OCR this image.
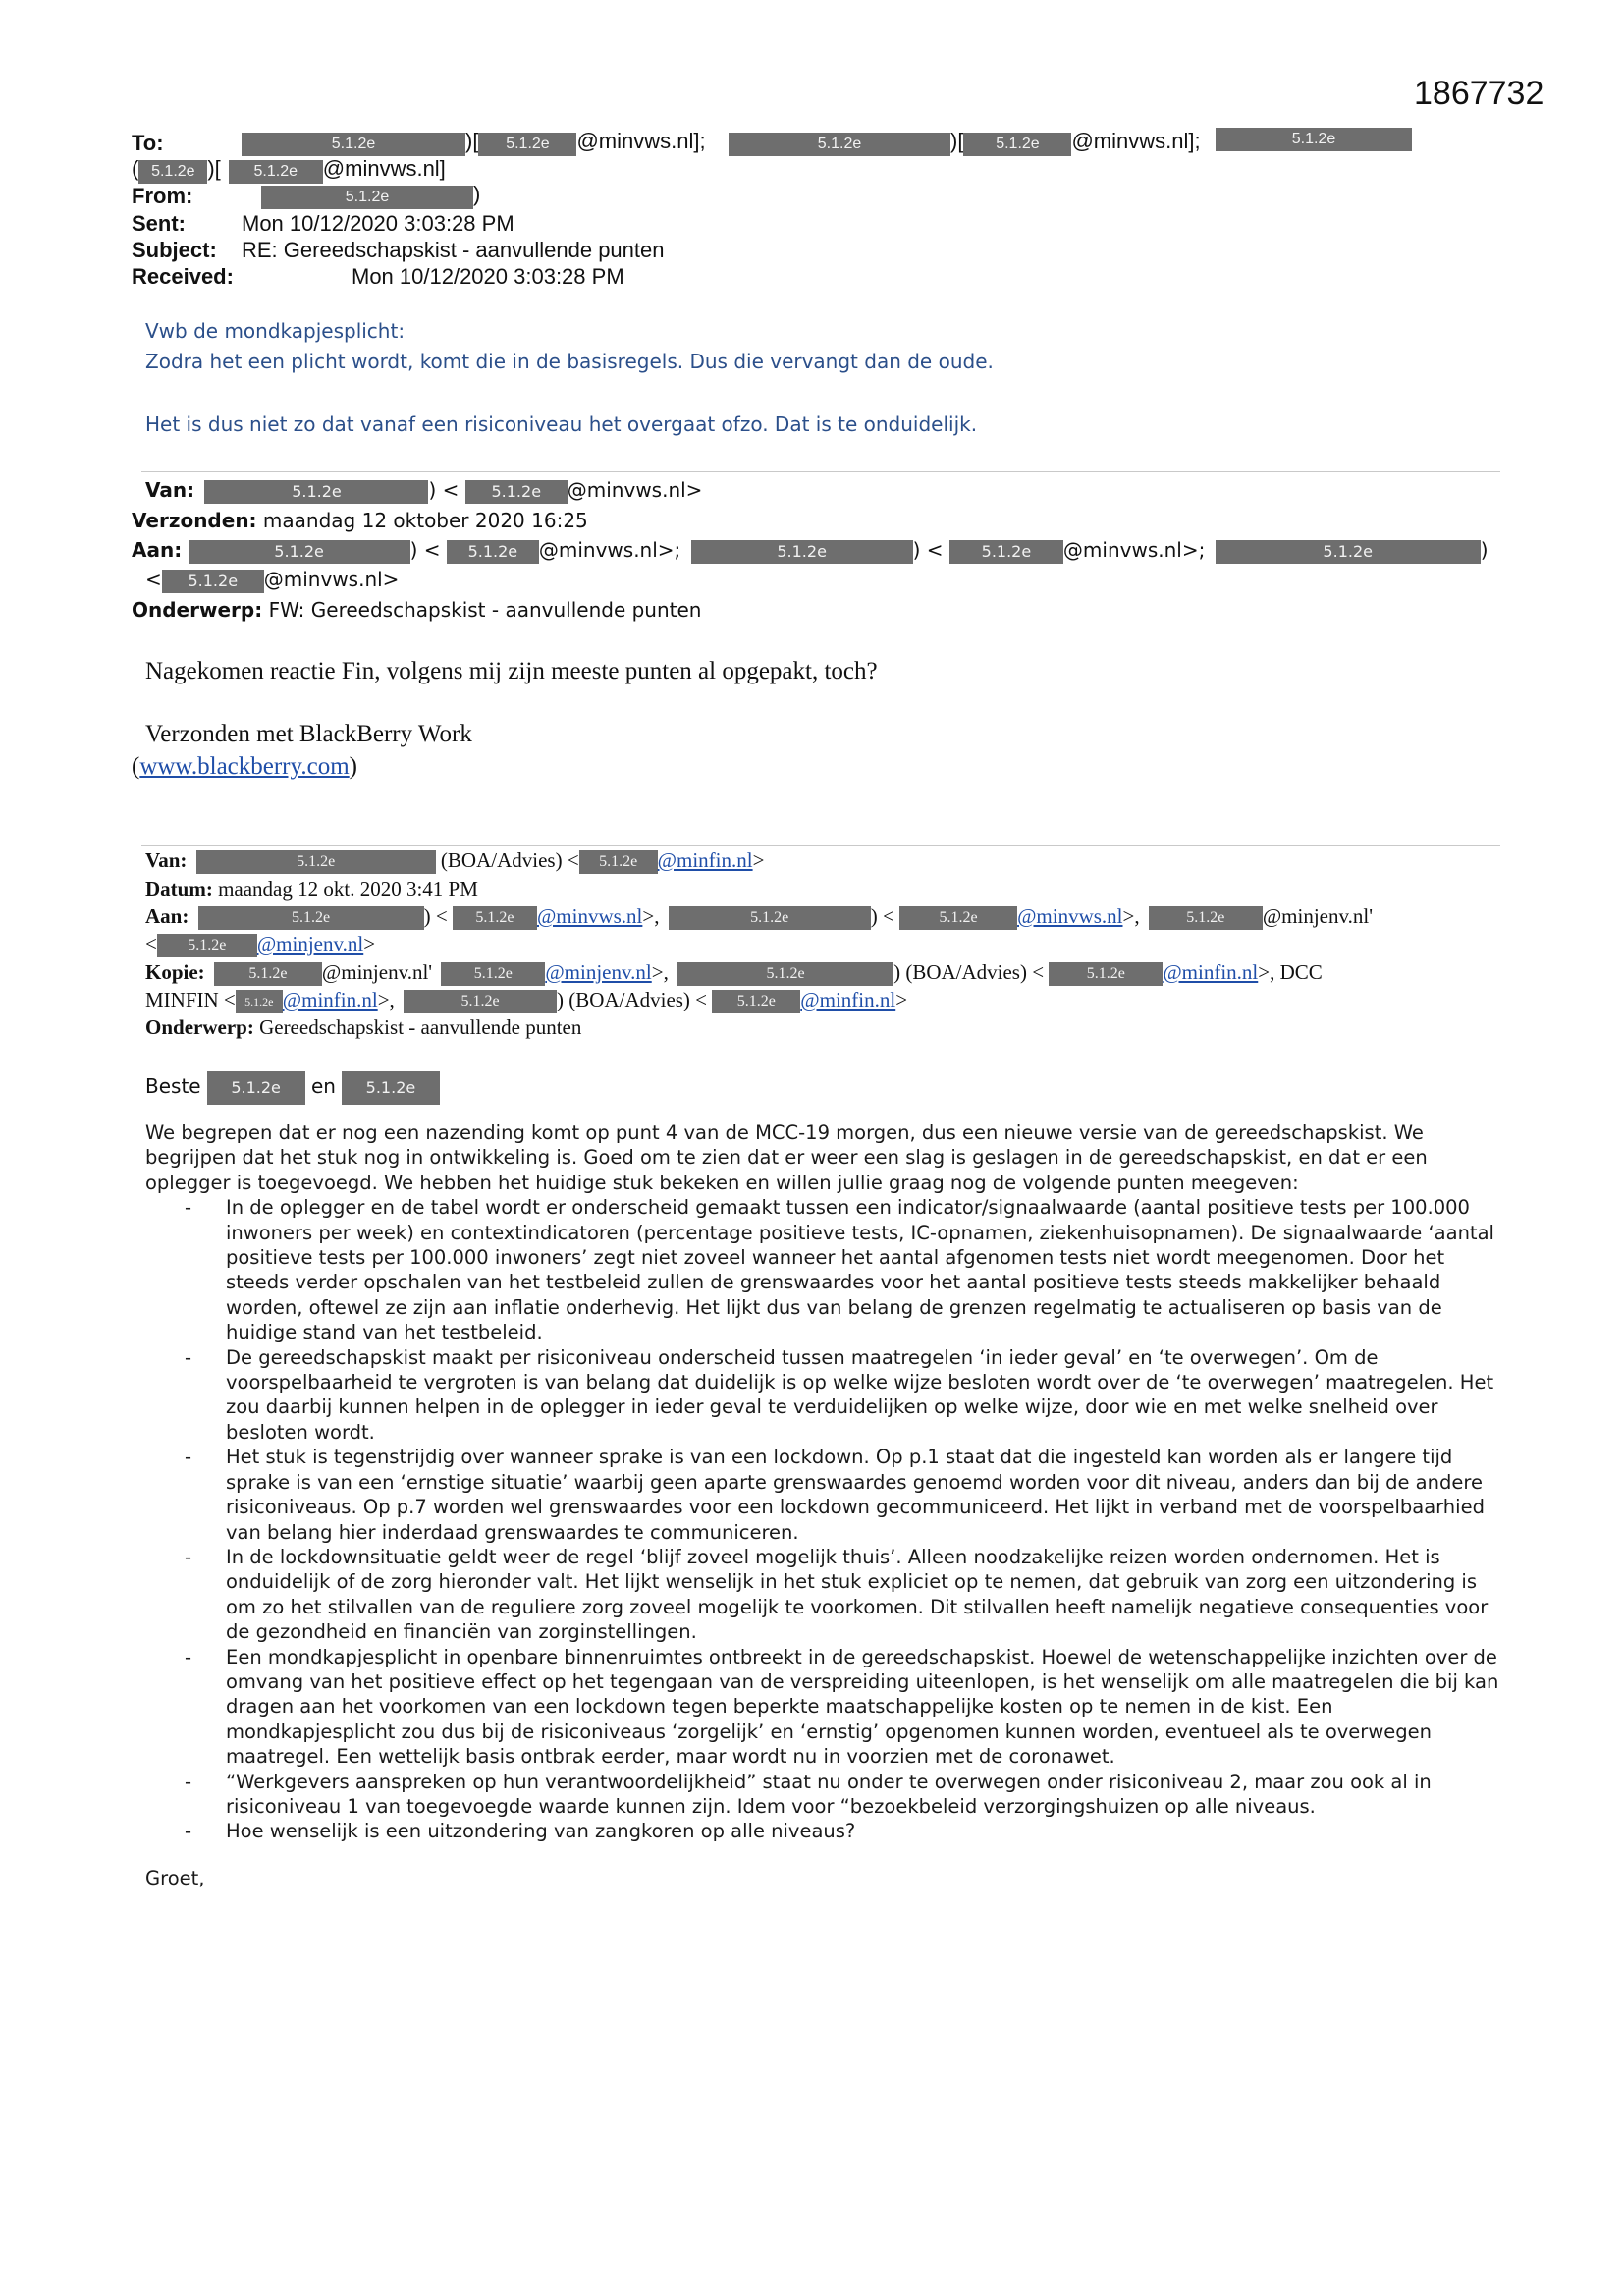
1867732
To:	5.1.2e	)[ 5.1.2e @minvws.nl];	5.1.2e	)[ 5.1.2e @minvws.nl];	5.1.2e
( 5.1.2e )[ 5.1.2e @minvws.nl]
From:	5.1.2e	)
Sent:	Mon 10/12/2020 3:03:28 PM
Subject: RE: Gereedschapskist - aanvullende punten
Received:	Mon 10/12/2020 3:03:28 PM
Vwb de mondkapjesplicht:
Zodra het een plicht wordt, komt die in de basisregels. Dus die vervangt dan de oude.
Het is dus niet zo dat vanaf een risiconiveau het overgaat ofzo. Dat is te onduidelijk.
Van:	5.1.2e	) < 5.1.2e @minvws.nl>
Verzonden: maandag 12 oktober 2020 16:25
Aan:	5.1.2e	) < 5.1.2e @minvws.nl>;	5.1.2e	) < 5.1.2e @minvws.nl>;	5.1.2e	)
< 5.1.2e @minvws.nl>
Onderwerp: FW: Gereedschapskist - aanvullende punten
Nagekomen reactie Fin, volgens mij zijn meeste punten al opgepakt, toch?
Verzonden met BlackBerry Work
(www.blackberry.com)
Van:	5.1.2e	(BOA/Advies) < 5.1.2e @minfin.nl>
Datum: maandag 12 okt. 2020 3:41 PM
Aan:	5.1.2e	) < 5.1.2e @minvws.nl>,	5.1.2e	) <	5.1.2e @minvws.nl>,	5.1.2e @minjenv.nl'
< 5.1.2e @minjenv.nl>
Kopie:	5.1.2e @minjenv.nl'	5.1.2e @minjenv.nl>,	5.1.2e	) (BOA/Advies) <	5.1.2e @minfin.nl>, DCC
MINFIN < 5.1.2e @minfin.nl>,	5.1.2e	) (BOA/Advies) < 5.1.2e @minfin.nl>
Onderwerp: Gereedschapskist - aanvullende punten
Beste 5.1.2e en 5.1.2e

We begrepen dat er nog een nazending komt op punt 4 van de MCC-19 morgen, dus een nieuwe versie van de gereedschapskist. We begrijpen dat het stuk nog in ontwikkeling is. Goed om te zien dat er weer een slag is geslagen in de gereedschapskist, en dat er een oplegger is toegevoegd. We hebben het huidige stuk bekeken en willen jullie graag nog de volgende punten meegeven:

- In de oplegger en de tabel wordt er onderscheid gemaakt tussen een indicator/signaalwaarde (aantal positieve tests per 100.000 inwoners per week) en contextindicatoren (percentage positieve tests, IC-opnamen, ziekenhuisopnamen). De signaalwaarde ‘aantal positieve tests per 100.000 inwoners’ zegt niet zoveel wanneer het aantal afgenomen tests niet wordt meegenomen. Door het steeds verder opschalen van het testbeleid zullen de grenswaardes voor het aantal positieve tests steeds makkelijker behaald worden, oftewel ze zijn aan inflatie onderhevig. Het lijkt dus van belang de grenzen regelmatig te actualiseren op basis van de huidige stand van het testbeleid.
- De gereedschapskist maakt per risiconiveau onderscheid tussen maatregelen ‘in ieder geval’ en ‘te overwegen’. Om de voorspelbaarheid te vergroten is van belang dat duidelijk is op welke wijze besloten wordt over de ‘te overwegen’ maatregelen. Het zou daarbij kunnen helpen in de oplegger in ieder geval te verduidelijken op welke wijze, door wie en met welke snelheid over besloten wordt.
- Het stuk is tegenstrijdig over wanneer sprake is van een lockdown. Op p.1 staat dat die ingesteld kan worden als er langere tijd sprake is van een ‘ernstige situatie’ waarbij geen aparte grenswaardes genoemd worden voor dit niveau, anders dan bij de andere risiconiveaus. Op p.7 worden wel grenswaardes voor een lockdown gecommuniceerd. Het lijkt in verband met de voorspelbaarhied van belang hier inderdaad grenswaardes te communiceren.
- In de lockdownsituatie geldt weer de regel ‘blijf zoveel mogelijk thuis’. Alleen noodzakelijke reizen worden ondernomen. Het is onduidelijk of de zorg hieronder valt. Het lijkt wenselijk in het stuk expliciet op te nemen, dat gebruik van zorg een uitzondering is om zo het stilvallen van de reguliere zorg zoveel mogelijk te voorkomen. Dit stilvallen heeft namelijk negatieve consequenties voor de gezondheid en financiën van zorginstellingen.
- Een mondkapjesplicht in openbare binnenruimtes ontbreekt in de gereedschapskist. Hoewel de wetenschappelijke inzichten over de omvang van het positieve effect op het tegengaan van de verspreiding uiteenlopen, is het wenselijk om alle maatregelen die bij kan dragen aan het voorkomen van een lockdown tegen beperkte maatschappelijke kosten op te nemen in de kist. Een mondkapjesplicht zou dus bij de risiconiveaus ‘zorgelijk’ en ‘ernstig’ opgenomen kunnen worden, eventueel als te overwegen maatregel. Een wettelijk basis ontbrak eerder, maar wordt nu in voorzien met de coronawet.
- “Werkgevers aanspreken op hun verantwoordelijkheid” staat nu onder te overwegen onder risiconiveau 2, maar zou ook al in risiconiveau 1 van toegevoegde waarde kunnen zijn. Idem voor “bezoekbeleid verzorgingshuizen op alle niveaus.
- Hoe wenselijk is een uitzondering van zangkoren op alle niveaus?

Groet,
